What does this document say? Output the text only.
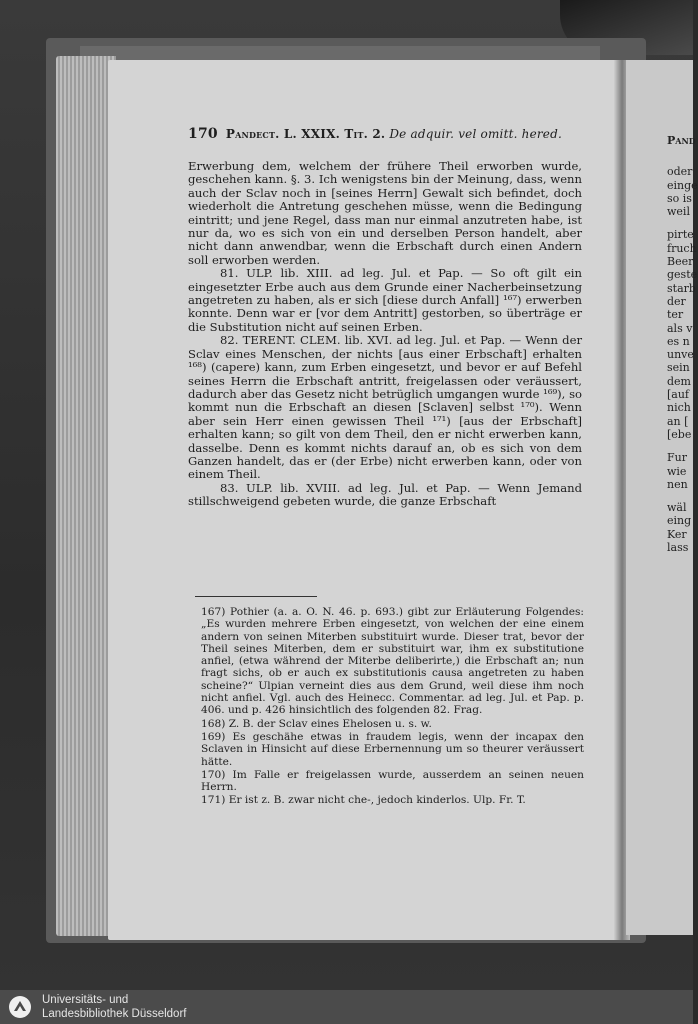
170 Pandect. L. XXIX. Tit. 2. De adquir. vel omitt. hered.

Erwerbung dem, welchem der frühere Theil erworben wurde, geschehen kann. §. 3. Ich wenigstens bin der Meinung, dass, wenn auch der Sclav noch in [seines Herrn] Gewalt sich befindet, doch wiederholt die Antretung geschehen müsse, wenn die Bedingung eintritt; und jene Regel, dass man nur einmal anzutreten habe, ist nur da, wo es sich von ein und derselben Person handelt, aber nicht dann anwendbar, wenn die Erbschaft durch einen Andern soll erworben werden.

81. ULP. lib. XIII. ad leg. Jul. et Pap. — So oft gilt ein eingesetzter Erbe auch aus dem Grunde einer Nacherbeinsetzung angetreten zu haben, als er sich [diese durch Anfall] ¹⁶⁷) erwerben konnte. Denn war er [vor dem Antritt] gestorben, so überträge er die Substitution nicht auf seinen Erben.

82. TERENT. CLEM. lib. XVI. ad leg. Jul. et Pap. — Wenn der Sclav eines Menschen, der nichts [aus einer Erbschaft] erhalten ¹⁶⁸) (capere) kann, zum Erben eingesetzt, und bevor er auf Befehl seines Herrn die Erbschaft antritt, freigelassen oder veräussert, dadurch aber das Gesetz nicht betrüglich umgangen wurde ¹⁶⁹), so kommt nun die Erbschaft an diesen [Sclaven] selbst ¹⁷⁰). Wenn aber sein Herr einen gewissen Theil ¹⁷¹) [aus der Erbschaft] erhalten kann; so gilt von dem Theil, den er nicht erwerben kann, dasselbe. Denn es kommt nichts darauf an, ob es sich von dem Ganzen handelt, das er (der Erbe) nicht erwerben kann, oder von einem Theil.

83. ULP. lib. XVIII. ad leg. Jul. et Pap. — Wenn Jemand stillschweigend gebeten wurde, die ganze Erbschaft

167) Pothier (a. a. O. N. 46. p. 693.) gibt zur Erläuterung Folgendes: „Es wurden mehrere Erben eingesetzt, von welchen der eine einem andern von seinen Miterben substituirt wurde. Dieser trat, bevor der Theil seines Miterben, dem er substituirt war, ihm ex substitutione anfiel, (etwa während der Miterbe deliberirte,) die Erbschaft an; nun fragt sichs, ob er auch ex substitutionis causa angetreten zu haben scheine?“ Ulpian verneint dies aus dem Grund, weil diese ihm noch nicht anfiel. Vgl. auch des Heinecc. Commentar. ad leg. Jul. et Pap. p. 406. und p. 426 hinsichtlich des folgenden 82. Frag.

168) Z. B. der Sclav eines Ehelosen u. s. w.

169) Es geschähe etwas in fraudem legis, wenn der incapax den Sclaven in Hinsicht auf diese Erbernennung um so theurer veräussert hätte.

170) Im Falle er freigelassen wurde, ausserdem an seinen neuen Herrn.

171) Er ist z. B. zwar nicht che-, jedoch kinderlos. Ulp. Fr. T.

Pand

oder

einge

so is

weil

pirte

fruch

Beer

geste

starb

der

ter

als v

es n

unve

sein

dem

[auf

nich

an [

[ebe

Fur

wie

nen

wäl

eing

Ker

lass

Universitäts- und
Landesbibliothek Düsseldorf
